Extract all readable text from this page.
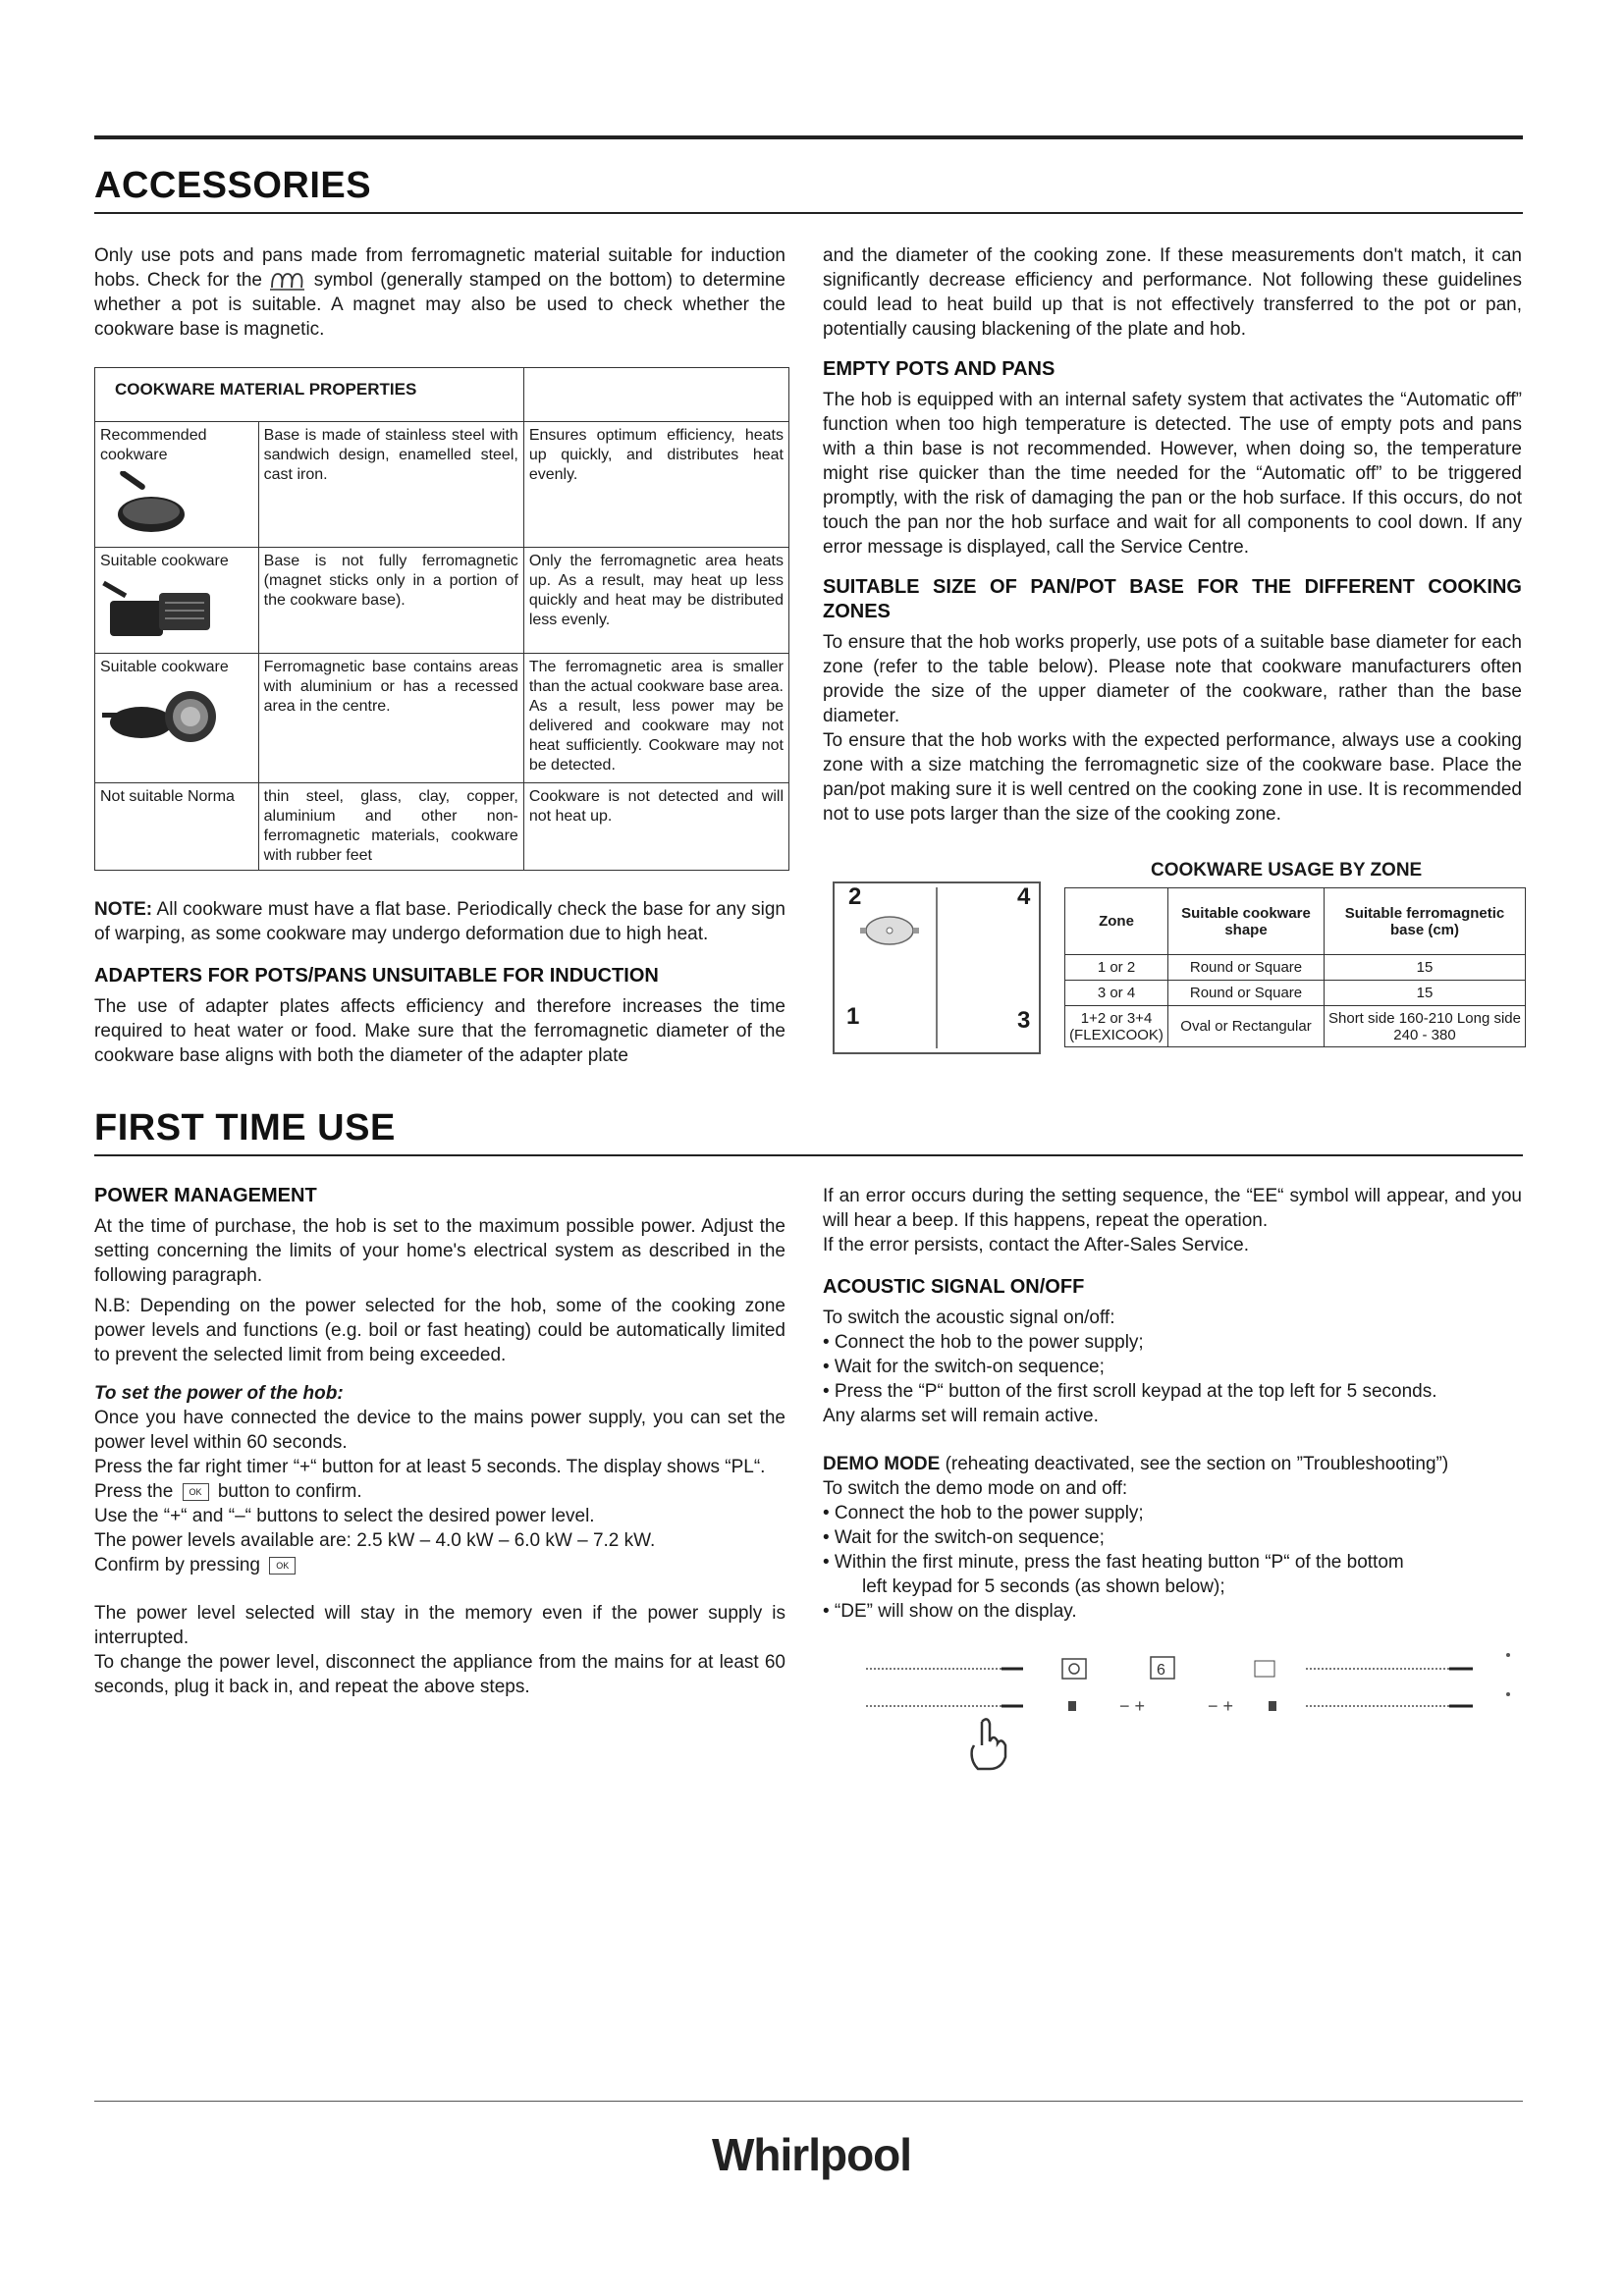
ACCESSORIES

Only use pots and pans made from ferromagnetic material suitable for induction hobs. Check for the	symbol (generally stamped on the bottom) to determine whether a pot is suitable. A magnet may also be used to check whether the cookware base is magnetic.

COOKWARE MATERIAL PROPERTIES		
Recommended cookware	Base is made of stainless steel with sandwich design, enamelled steel, cast iron.	Ensures optimum efficiency, heats up quickly, and distributes heat evenly.
Suitable cookware	Base is not fully ferromagnetic (magnet sticks only in a portion of the cookware base).	Only the ferromagnetic area heats up. As a result, may heat up less quickly and heat may be distributed less evenly.
Suitable cookware	Ferromagnetic base contains areas with aluminium or has a recessed area in the centre.	The ferromagnetic area is smaller than the actual cookware base area. As a result, less power may be delivered and cookware may not heat sufficiently. Cookware may not be detected.
Not suitable Norma	thin steel, glass, clay, copper, aluminium and other non-ferromagnetic materials, cookware with rubber feet	Cookware is not detected and will not heat up.

NOTE: All cookware must have a flat base. Periodically check the base for any sign of warping, as some cookware may undergo deformation due to high heat.

ADAPTERS FOR POTS/PANS UNSUITABLE FOR INDUCTION

The use of adapter plates affects efficiency and therefore increases the time required to heat water or food. Make sure that the ferromagnetic diameter of the cookware base aligns with both the diameter of the adapter plate

and the diameter of the cooking zone. If these measurements don't match, it can significantly decrease efficiency and performance. Not following these guidelines could lead to heat build up that is not effectively transferred to the pot or pan, potentially causing blackening of the plate and hob.

EMPTY POTS AND PANS

The hob is equipped with an internal safety system that activates the “Automatic off” function when too high temperature is detected. The use of empty pots and pans with a thin base is not recommended. However, when doing so, the temperature might rise quicker than the time needed for the “Automatic off” to be triggered promptly, with the risk of damaging the pan or the hob surface. If this occurs, do not touch the pan nor the hob surface and wait for all components to cool down. If any error message is displayed, call the Service Centre.

SUITABLE SIZE OF PAN/POT BASE FOR THE DIFFERENT COOKING ZONES

To ensure that the hob works properly, use pots of a suitable base diameter for each zone (refer to the table below). Please note that cookware manufacturers often provide the size of the upper diameter of the cookware, rather than the base diameter.

To ensure that the hob works with the expected performance, always use a cooking zone with a size matching the ferromagnetic size of the cookware base. Place the pan/pot making sure it is well centred on the cooking zone in use. It is recommended not to use pots larger than the size of the cooking zone.

COOKWARE USAGE BY ZONE
2	4
1	3
Zone	Suitable cookware shape	Suitable ferromagnetic base (cm)
1 or 2	Round or Square	15
3 or 4	Round or Square	15
1+2 or 3+4 (FLEXICOOK)	Oval or Rectangular	Short side 160-210 Long side 240 - 380
FIRST TIME USE
POWER MANAGEMENT

At the time of purchase, the hob is set to the maximum possible power. Adjust the setting concerning the limits of your home's electrical system as described in the following paragraph.

N.B: Depending on the power selected for the hob, some of the cooking zone power levels and functions (e.g. boil or fast heating) could be automatically limited to prevent the selected limit from being exceeded.

To set the power of the hob:

Once you have connected the device to the mains power supply, you can set the power level within 60 seconds.

Press the far right timer “+“ button for at least 5 seconds. The display shows “PL“.

Press the OK button to confirm.

Use the “+“ and “–“ buttons to select the desired power level.

The power levels available are: 2.5 kW – 4.0 kW – 6.0 kW – 7.2 kW.

Confirm by pressing OK

The power level selected will stay in the memory even if the power supply is interrupted.

To change the power level, disconnect the appliance from the mains for at least 60 seconds, plug it back in, and repeat the above steps.

If an error occurs during the setting sequence, the “EE“ symbol will appear, and you will hear a beep. If this happens, repeat the operation.

If the error persists, contact the After-Sales Service.

ACOUSTIC SIGNAL ON/OFF

To switch the acoustic signal on/off:

• Connect the hob to the power supply;
• Wait for the switch-on sequence;
• Press the “P“ button of the first scroll keypad at the top left for 5 seconds.

Any alarms set will remain active.

DEMO MODE (reheating deactivated, see the section on ”Troubleshooting”)

To switch the demo mode on and off:

• Connect the hob to the power supply;
• Wait for the switch-on sequence;
• Within the first minute, press the fast heating button “P“ of the bottom
left keypad for 5 seconds (as shown below);
• “DE” will show on the display.
6
− +	− +
Whirlpool
